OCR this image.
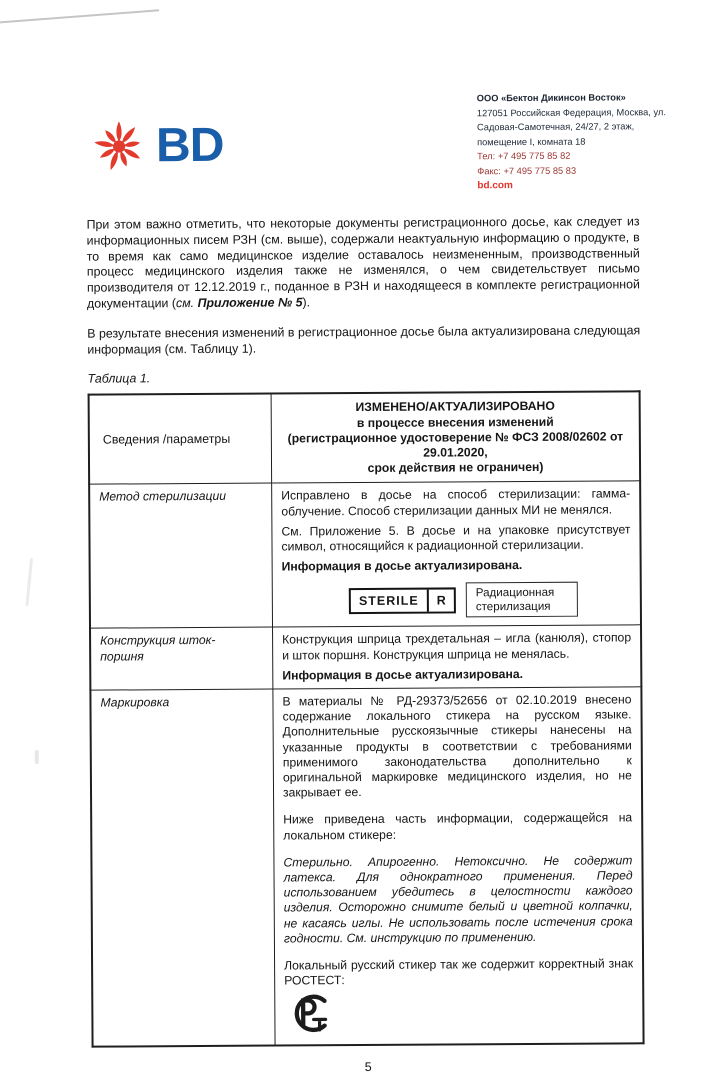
BD
ООО «Бектон Дикинсон Восток»
127051 Российская Федерация, Москва, ул.
Садовая-Самотечная, 24/27, 2 этаж,
помещение I, комната 18
Тел: +7 495 775 85 82
Факс: +7 495 775 85 83
bd.com

При этом важно отметить, что некоторые документы регистрационного досье, как следует из информационных писем РЗН (см. выше), содержали неактуальную информацию о продукте, в то время как само медицинское изделие оставалось неизмененным, производственный процесс медицинского изделия также не изменялся, о чем свидетельствует письмо производителя от 12.12.2019 г., поданное в РЗН и находящееся в комплекте регистрационной документации (см. Приложение № 5).

В результате внесения изменений в регистрационное досье была актуализирована следующая информация (см. Таблицу 1).

Таблица 1.

Сведения /параметры	ИЗМЕНЕНО/АКТУАЛИЗИРОВАНО
в процессе внесения изменений
(регистрационное удостоверение № ФСЗ 2008/02602 от 29.01.2020,
срок действия не ограничен)

Метод стерилизации	Исправлено в досье на способ стерилизации: гамма-облучение. Способ стерилизации данных МИ не менялся.

См. Приложение 5. В досье и на упаковке присутствует символ, относящийся к радиационной стерилизации.

Информация в досье актуализирована.

STERILE	R
Радиационная стерилизация

Конструкция шток-поршня	Конструкция шприца трехдетальная – игла (канюля), стопор и шток поршня. Конструкция шприца не менялась.

Информация в досье актуализирована.

Маркировка	В материалы № РД-29373/52656 от 02.10.2019 внесено содержание локального стикера на русском языке. Дополнительные русскоязычные стикеры нанесены на указанные продукты в соответствии с требованиями применимого законодательства дополнительно к оригинальной маркировке медицинского изделия, но не закрывает ее.

Ниже приведена часть информации, содержащейся на локальном стикере:

Стерильно. Апирогенно. Нетоксично. Не содержит латекса. Для однократного применения. Перед использованием убедитесь в целостности каждого изделия. Осторожно снимите белый и цветной колпачки, не касаясь иглы. Не использовать после истечения срока годности. См. инструкцию по применению.

Локальный русский стикер так же содержит корректный знак РОСТЕСТ:

5
